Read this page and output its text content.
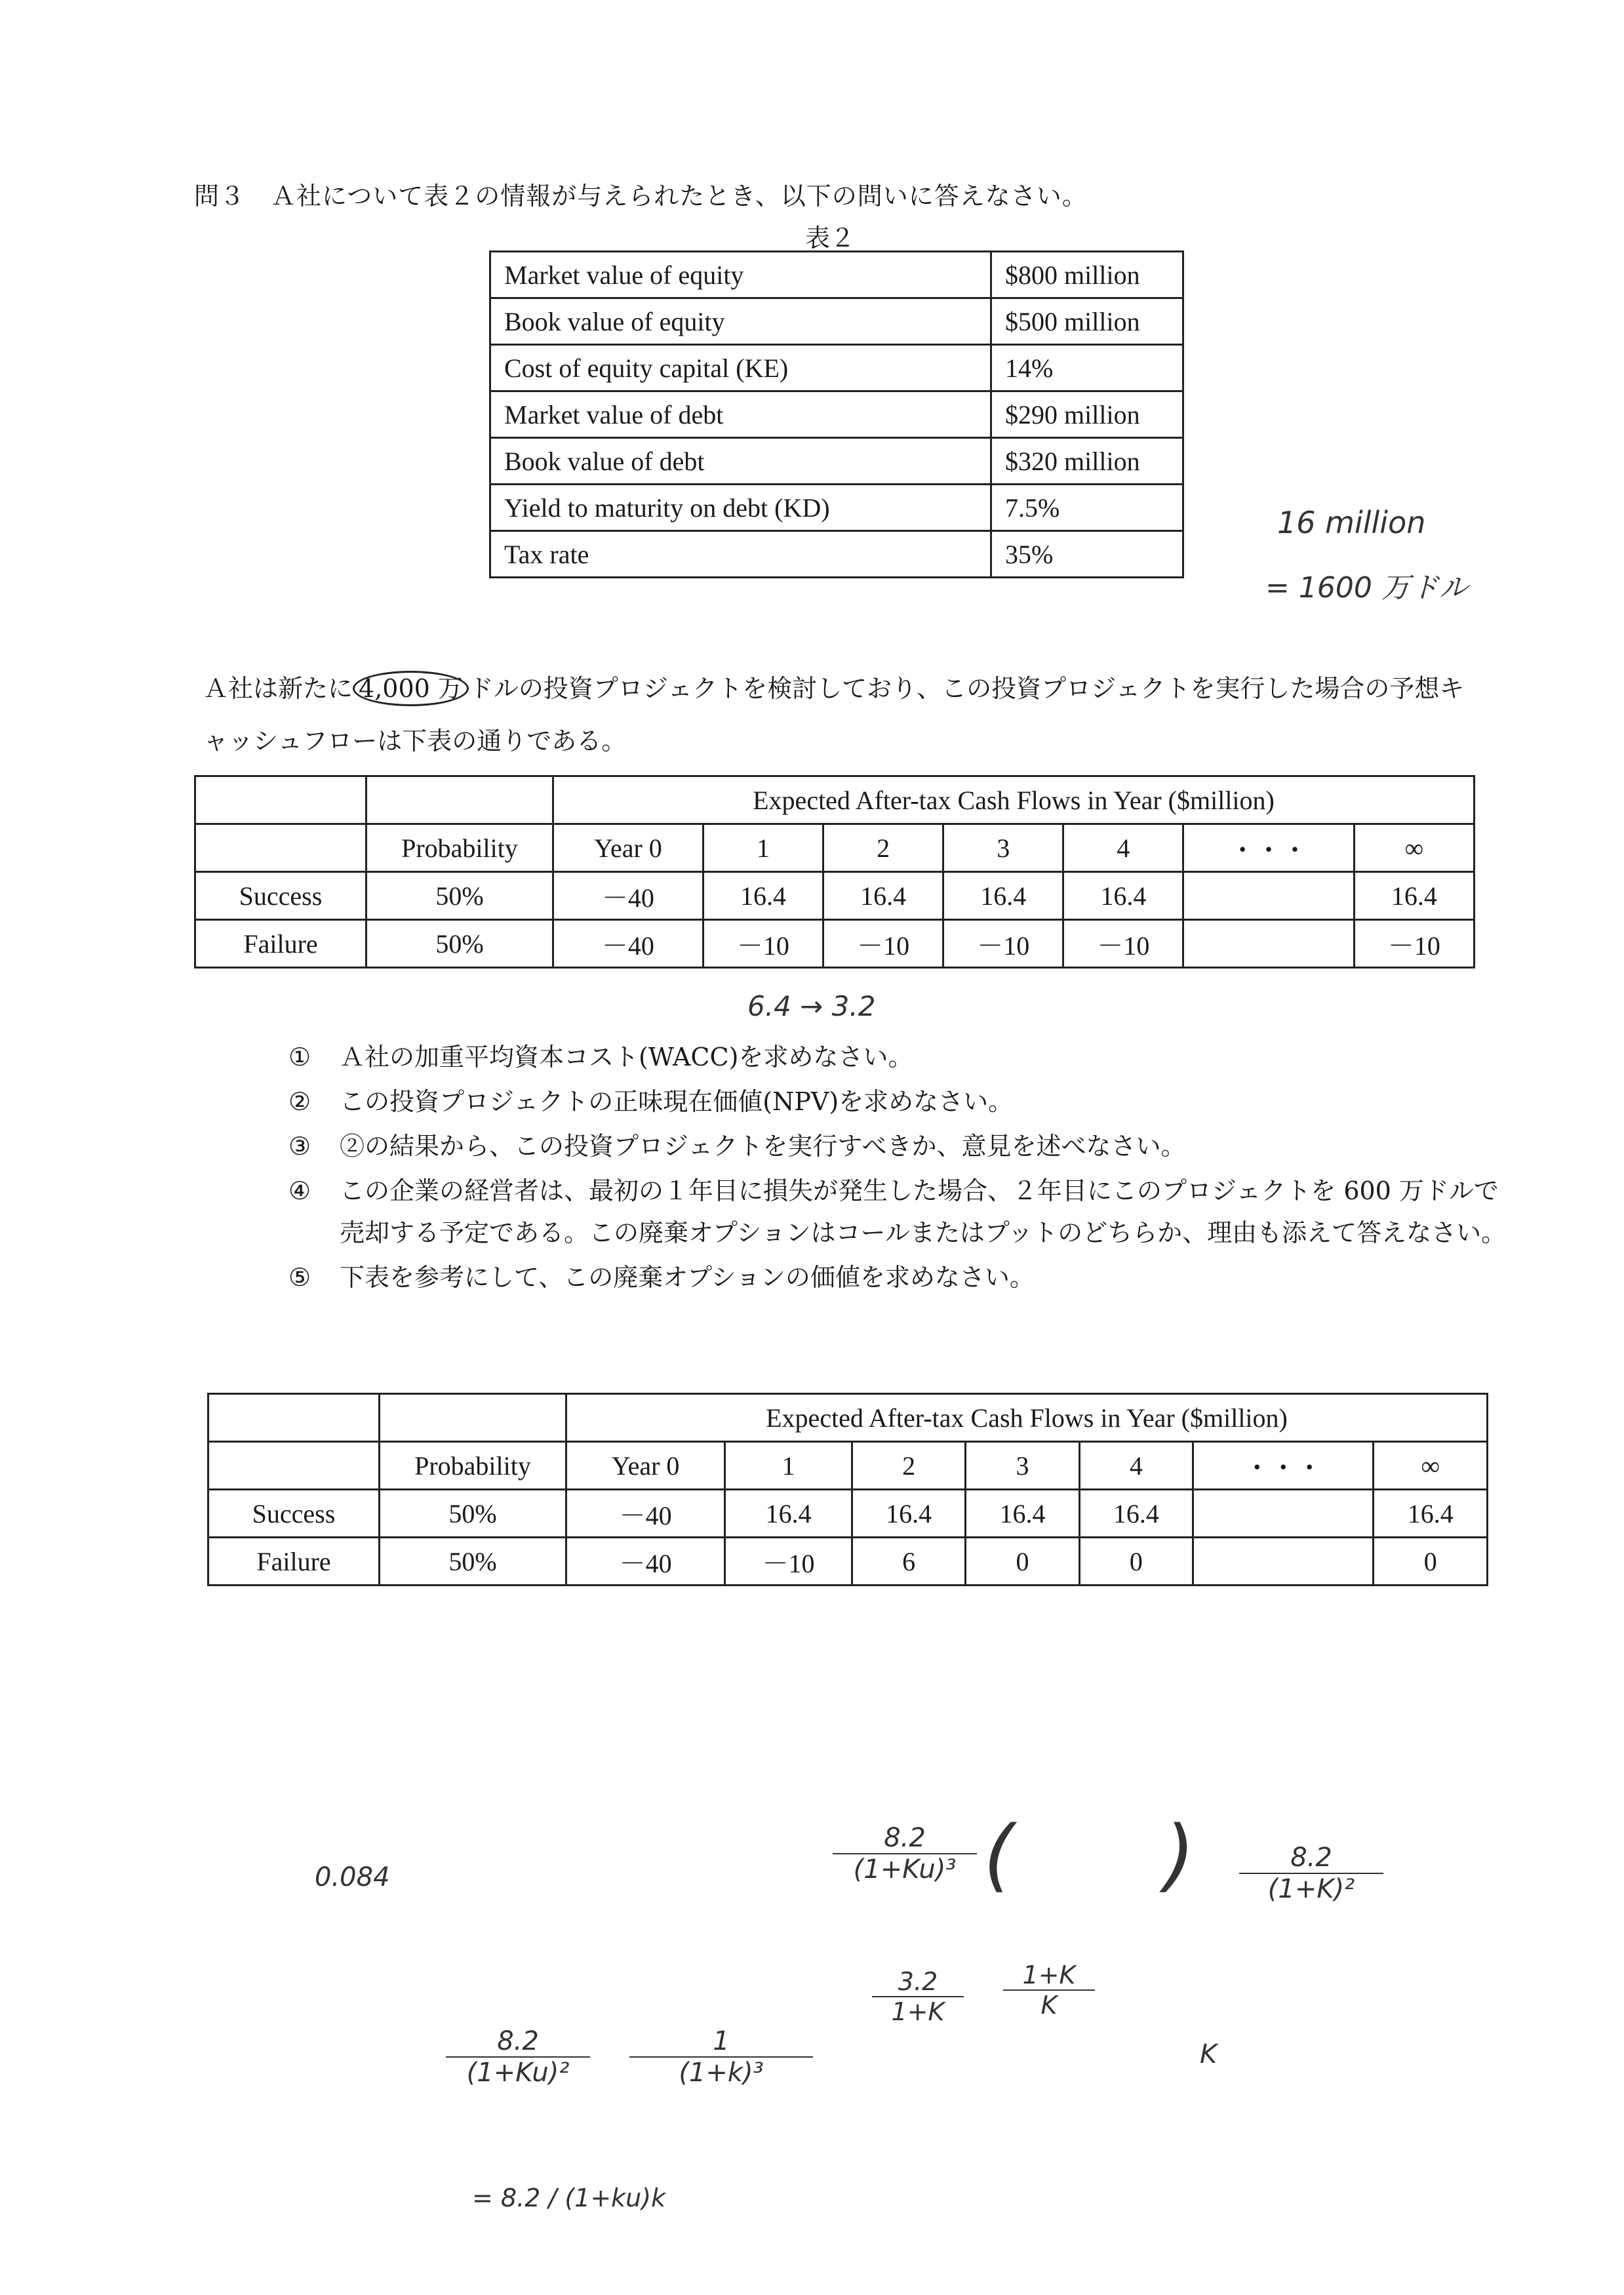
問３　Ａ社について表２の情報が与えられたとき、以下の問いに答えなさい。
表２
Market value of equity	$800 million
Book value of equity	$500 million
Cost of equity capital (KE)	14%
Market value of debt	$290 million
Book value of debt	$320 million
Yield to maturity on debt (KD)	7.5%
Tax rate	35%
16 million
= 1600 万ドル
Ａ社は新たに 4,000 万 ドルの投資プロジェクトを検討しており、この投資プロジェクトを実行した場合の予想キャッシュフローは下表の通りである。
		Expected After-tax Cash Flows in Year ($million)						
	Probability	Year 0	1	2	3	4	・・・	∞
Success	50%	－40	16.4	16.4	16.4	16.4		16.4
Failure	50%	－40	－10	－10	－10	－10		－10
6.4 → 3.2
①	Ａ社の加重平均資本コスト(WACC)を求めなさい。
②	この投資プロジェクトの正味現在価値(NPV)を求めなさい。
③	②の結果から、この投資プロジェクトを実行すべきか、意見を述べなさい。
④	この企業の経営者は、最初の１年目に損失が発生した場合、２年目にこのプロジェクトを 600 万ドルで売却する予定である。この廃棄オプションはコールまたはプットのどちらか、理由も添えて答えなさい。
⑤	下表を参考にして、この廃棄オプションの価値を求めなさい。
		Expected After-tax Cash Flows in Year ($million)						
	Probability	Year 0	1	2	3	4	・・・	∞
Success	50%	－40	16.4	16.4	16.4	16.4		16.4
Failure	50%	－40	－10	6	0	0		0
0.084
8.2
(1+Ku)³ (      )	8.2
(1+K)²
3.2
1+K
1+K
K
K
8.2
(1+Ku)²
1
(1+k)³
= 8.2 / (1+ku)k
